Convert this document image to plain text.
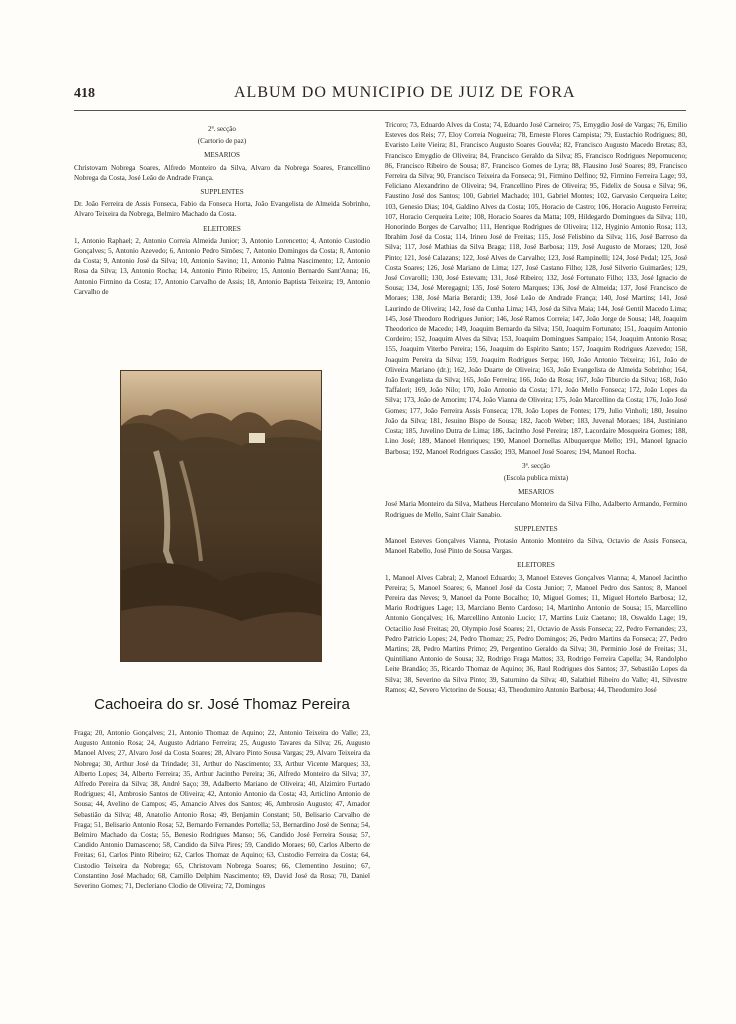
418	ALBUM DO MUNICIPIO DE JUIZ DE FORA

2ª. secção

(Cartorio de paz)

MESARIOS

Christovam Nobrega Soares, Alfredo Monteiro da Silva, Alvaro da Nobrega Soares, Francellino Nobrega da Costa, José Leão de Andrade França.

SUPPLENTES

Dr. João Ferreira de Assis Fonseca, Fabio da Fonseca Horta, João Evangelista de Almeida Sobrinho, Alvaro Teixeira da Nobrega, Belmiro Machado da Costa.

ELEITORES

1, Antonio Raphael; 2, Antonio Correia Almeida Junior; 3, Antonio Lorencetto; 4, Antonio Custodio Gonçalves; 5, Antonio Azevedo; 6, Antonio Pedro Simões; 7, Antonio Domingos da Costa; 8, Antonio da Costa; 9, Antonio José da Silva; 10, Antonio Savino; 11, Antonio Palma Nascimento; 12, Antonio Rosa da Silva; 13, Antonio Rocha; 14, Antonio Pinto Ribeiro; 15, Antonio Bernardo Sant'Anna; 16, Antonio Firmino da Costa; 17, Antonio Carvalho de Assis; 18, Antonio Baptista Teixeira; 19, Antonio Carvalho de

Cachoeira do sr. José Thomaz Pereira

Fraga; 20, Antonio Gonçalves; 21, Antonio Thomaz de Aquino; 22, Antonio Teixeira do Valle; 23, Augusto Antonio Rosa; 24, Augusto Adriano Ferreira; 25, Augusto Tavares da Silva; 26, Augusto Manoel Alves; 27, Alvaro José da Costa Soares; 28, Alvaro Pinto Sousa Vargas; 29, Alvaro Teixeira da Nobrega; 30, Arthur José da Trindade; 31, Arthur do Nascimento; 33, Arthur Vicente Marques; 33, Alberto Lopes; 34, Alberto Ferreira; 35, Arthur Jacintho Pereira; 36, Alfredo Monteiro da Silva; 37, Alfredo Pereira da Silva; 38, André Saço; 39, Adalberto Mariano de Oliveira; 40, Alzimiro Furtado Rodrigues; 41, Ambrosio Santos de Oliveira; 42, Antonio Antonio da Costa; 43, Articlino Antonio de Sousa; 44, Avelino de Campos; 45, Amancio Alves dos Santos; 46, Ambrosio Augusto; 47, Amador Sebastião da Silva; 48, Anatolio Antonio Rosa; 49, Benjamin Constant; 50, Belisario Carvalho de Fraga; 51, Belisario Antonio Rosa; 52, Bernardo Fernandes Portella; 53, Bernardino José de Senna; 54, Belmiro Machado da Costa; 55, Benesio Rodrigues Manso; 56, Candido José Ferreira Sousa; 57, Candido Antonio Damasceno; 58, Candido da Silva Pires; 59, Candido Moraes; 60, Carlos Alberto de Freitas; 61, Carlos Pinto Ribeiro; 62, Carlos Thomaz de Aquino; 63, Custodio Ferreira da Costa; 64, Custodio Teixeira da Nobrega; 65, Christovam Nobrega Soares; 66, Clementino Jesuino; 67, Constantino José Machado; 68, Camillo Delphim Nascimento; 69, David José da Rosa; 70, Daniel Severino Gomes; 71, Decleriano Clodio de Oliveira; 72, Domingos

Tricoro; 73, Eduardo Alves da Costa; 74, Eduardo José Carneiro; 75, Emygdio José de Vargas; 76, Emilio Esteves dos Reis; 77, Eloy Correia Nogueira; 78, Erneste Flores Campista; 79, Eustachio Rodrigues; 80, Evaristo Leite Vieira; 81, Francisco Augusto Soares Gouvêa; 82, Francisco Augusto Macedo Bretas; 83, Francisco Emygdio de Oliveira; 84, Francisco Geraldo da Silva; 85, Francisco Rodrigues Nepomuceno; 86, Francisco Ribeiro de Sousa; 87, Francisco Gomes de Lyra; 88, Flausino José Soares; 89, Francisco Ferreira da Silva; 90, Francisco Teixeira da Fonseca; 91, Firmino Delfino; 92, Firmino Ferreira Lage; 93, Feliciano Alexandrino de Oliveira; 94, Francellino Pires de Oliveira; 95, Fidelix de Sousa e Silva; 96, Faustino José dos Santos; 100, Gabriel Machado; 101, Gabriel Montes; 102, Garvasio Cerqueira Leite; 103, Genesio Dias; 104, Galdino Alves da Costa; 105, Horacio de Castro; 106, Horacio Augusto Ferreira; 107, Horacio Cerqueira Leite; 108, Horacio Soares da Matta; 109, Hildegardo Domingues da Silva; 110, Honorindo Borges de Carvalho; 111, Henrique Rodrigues de Oliveira; 112, Hyginio Antonio Rosa; 113, Ibrahim José da Costa; 114, Irineu José de Freitas; 115, José Felisbino da Silva; 116, José Barroso da Silva; 117, José Mathias da Silva Braga; 118, José Barbosa; 119, José Augusto de Moraes; 120, José Pinto; 121, José Calazans; 122, José Alves de Carvalho; 123, José Rampinelli; 124, José Pedal; 125, José Costa Soares; 126, José Mariano de Lima; 127, José Castano Filho; 128, José Silverio Guimarães; 129, José Covarolli; 130, José Estevam; 131, José Ribeiro; 132, José Fortunato Filho; 133, José Ignacio de Sousa; 134, José Meregagni; 135, José Sotero Marques; 136, José de Almeida; 137, José Francisco de Moraes; 138, José Maria Berardi; 139, José Leão de Andrade França; 140, José Martins; 141, José Laurindo de Oliveira; 142, José da Cunha Lima; 143, José da Silva Maia; 144, José Gentil Macedo Lima; 145, José Theodoro Rodrigues Junior; 146, José Ramos Correia; 147, João Jorge de Sousa; 148, Joaquim Theodorico de Macedo; 149, Joaquim Bernardo da Silva; 150, Joaquim Fortunato; 151, Joaquim Antonio Cordeiro; 152, Joaquim Alves da Silva; 153, Joaquim Domingues Sampaio; 154, Joaquim Antonio Rosa; 155, Joaquim Viterbo Pereira; 156, Joaquim do Espirito Santo; 157, Joaquim Rodrigues Azevedo; 158, Joaquim Pereira da Silva; 159, Joaquim Rodrigues Serpa; 160, João Antonio Teixeira; 161, João de Oliveira Mariano (dr.); 162, João Duarte de Oliveira; 163, João Evangelista de Almeida Sobrinho; 164, João Evangelista da Silva; 165, João Ferreira; 166, João da Rosa; 167, João Tiburcio da Silva; 168, João Taffalori; 169, João Nilo; 170, João Antonio da Costa; 171, João Mello Fonseca; 172, João Lopes da Silva; 173, João de Amorim; 174, João Vianna de Oliveira; 175, João Marcellino da Costa; 176, João José Gomes; 177, João Ferreira Assis Fonseca; 178, João Lopes de Fontes; 179, Julio Vinholi; 180, Jesuino João da Silva; 181, Jesuino Bispo de Sousa; 182, Jacob Weber; 183, Juvenal Moraes; 184, Justiniano Costa; 185, Juvelino Dutra de Lima; 186, Jacintho José Pereira; 187, Lacordaire Mosqueira Gomes; 188, Lino José; 189, Manoel Henriques; 190, Manoel Dornellas Albuquerque Mello; 191, Manoel Ignacio Barbosa; 192, Manoel Rodrigues Cassão; 193, Manoel José Soares; 194, Manoel Rocha.

3ª. secção

(Escola publica mixta)

MESARIOS

José Maria Monteiro da Silva, Matheus Herculano Monteiro da Silva Filho, Adalberto Armando, Fermino Rodrigues de Mello, Saint Clair Sanabio.

SUPPLENTES

Manoel Esteves Gonçalves Vianna, Protasio Antonio Monteiro da Silva, Octavio de Assis Fonseca, Manoel Rabello, José Pinto de Sousa Vargas.

ELEITORES

1, Manoel Alves Cabral; 2, Manoel Eduardo; 3, Manoel Esteves Gonçalves Vianna; 4, Manoel Jacintho Pereira; 5, Manoel Soares; 6, Manoel José da Costa Junior; 7, Manoel Pedro dos Santos; 8, Manoel Pereira das Neves; 9, Manoel da Ponte Bocalho; 10, Miguel Gomes; 11, Miguel Hortelo Barbosa; 12, Mario Rodrigues Lage; 13, Marciano Bento Cardoso; 14, Martinho Antonio de Sousa; 15, Marcellino Antonio Gonçalves; 16, Marcellino Antonio Lucio; 17, Martins Luiz Caetano; 18, Oswaldo Lage; 19, Octacilio José Freitas; 20, Olympio José Soares; 21, Octavio de Assis Fonseca; 22, Pedro Fernandes; 23, Pedro Patricio Lopes; 24, Pedro Thomaz; 25, Pedro Domingos; 26, Pedro Martins da Fonseca; 27, Pedro Martins; 28, Pedro Martins Primo; 29, Pergentino Geraldo da Silva; 30, Perminio José de Freitas; 31, Quintiliano Antonio de Sousa; 32, Rodrigo Fraga Mattos; 33, Rodrigo Ferreira Capella; 34, Randolpho Leite Brandão; 35, Ricardo Thomaz de Aquino; 36, Raul Rodrigues dos Santos; 37, Sebastião Lopes da Silva; 38, Severino da Silva Pinto; 39, Saturnino da Silva; 40, Salathiel Ribeiro do Valle; 41, Silvestre Ramos; 42, Severo Victorino de Sousa; 43, Theodomiro Antonio Barbosa; 44, Theodomiro José
